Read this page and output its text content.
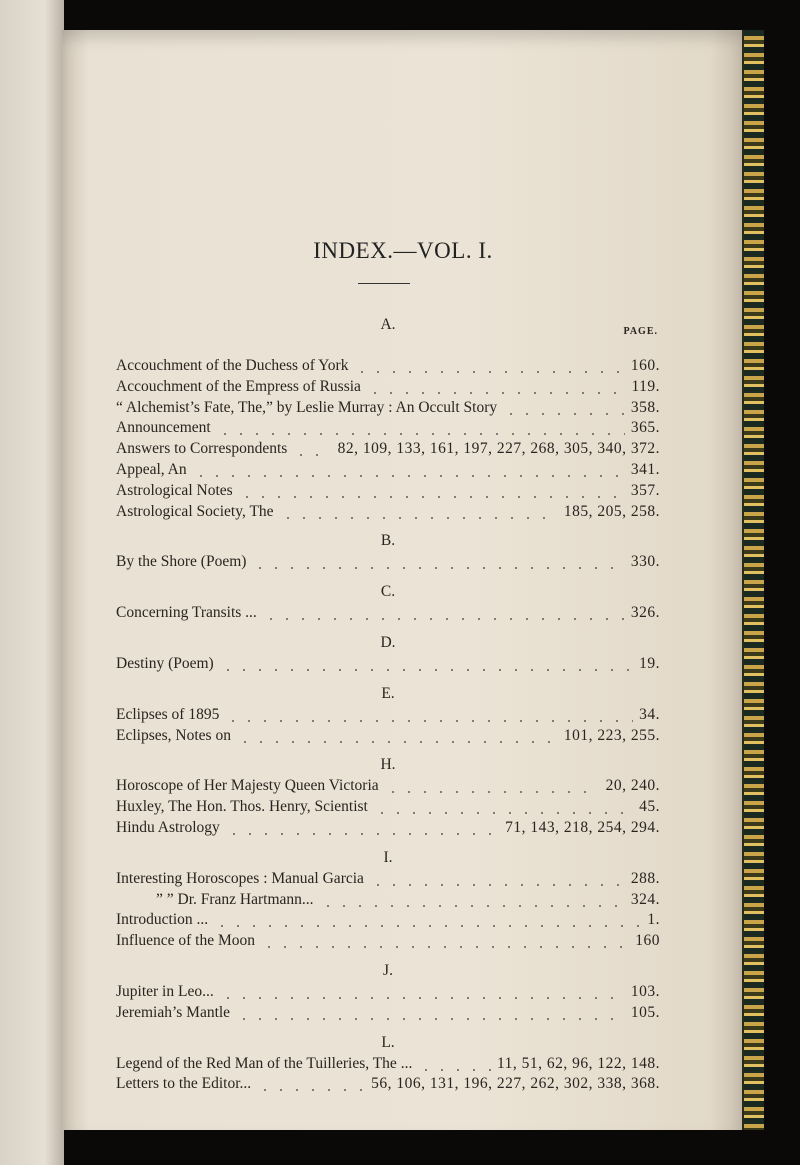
INDEX.—VOL. I.
PAGE.
A.
Accouchment of the Duchess of York	160.
Accouchment of the Empress of Russia	119.
“ Alchemist’s Fate, The,” by Leslie Murray : An Occult Story	358.
Announcement	365.
Answers to Correspondents	82, 109, 133, 161, 197, 227, 268, 305, 340, 372.
Appeal, An	341.
Astrological Notes	357.
Astrological Society, The	185, 205, 258.
B.
By the Shore (Poem)	330.
C.
Concerning Transits ...	326.
D.
Destiny (Poem)	19.
E.
Eclipses of 1895	34.
Eclipses, Notes on	101, 223, 255.
H.
Horoscope of Her Majesty Queen Victoria	20, 240.
Huxley, The Hon. Thos. Henry, Scientist	45.
Hindu Astrology	71, 143, 218, 254, 294.
I.
Interesting Horoscopes : Manual Garcia	288.
” ” Dr. Franz Hartmann...	324.
Introduction ...	1.
Influence of the Moon	160
J.
Jupiter in Leo...	103.
Jeremiah’s Mantle	105.
L.
Legend of the Red Man of the Tuilleries, The ...	11, 51, 62, 96, 122, 148.
Letters to the Editor...	56, 106, 131, 196, 227, 262, 302, 338, 368.
